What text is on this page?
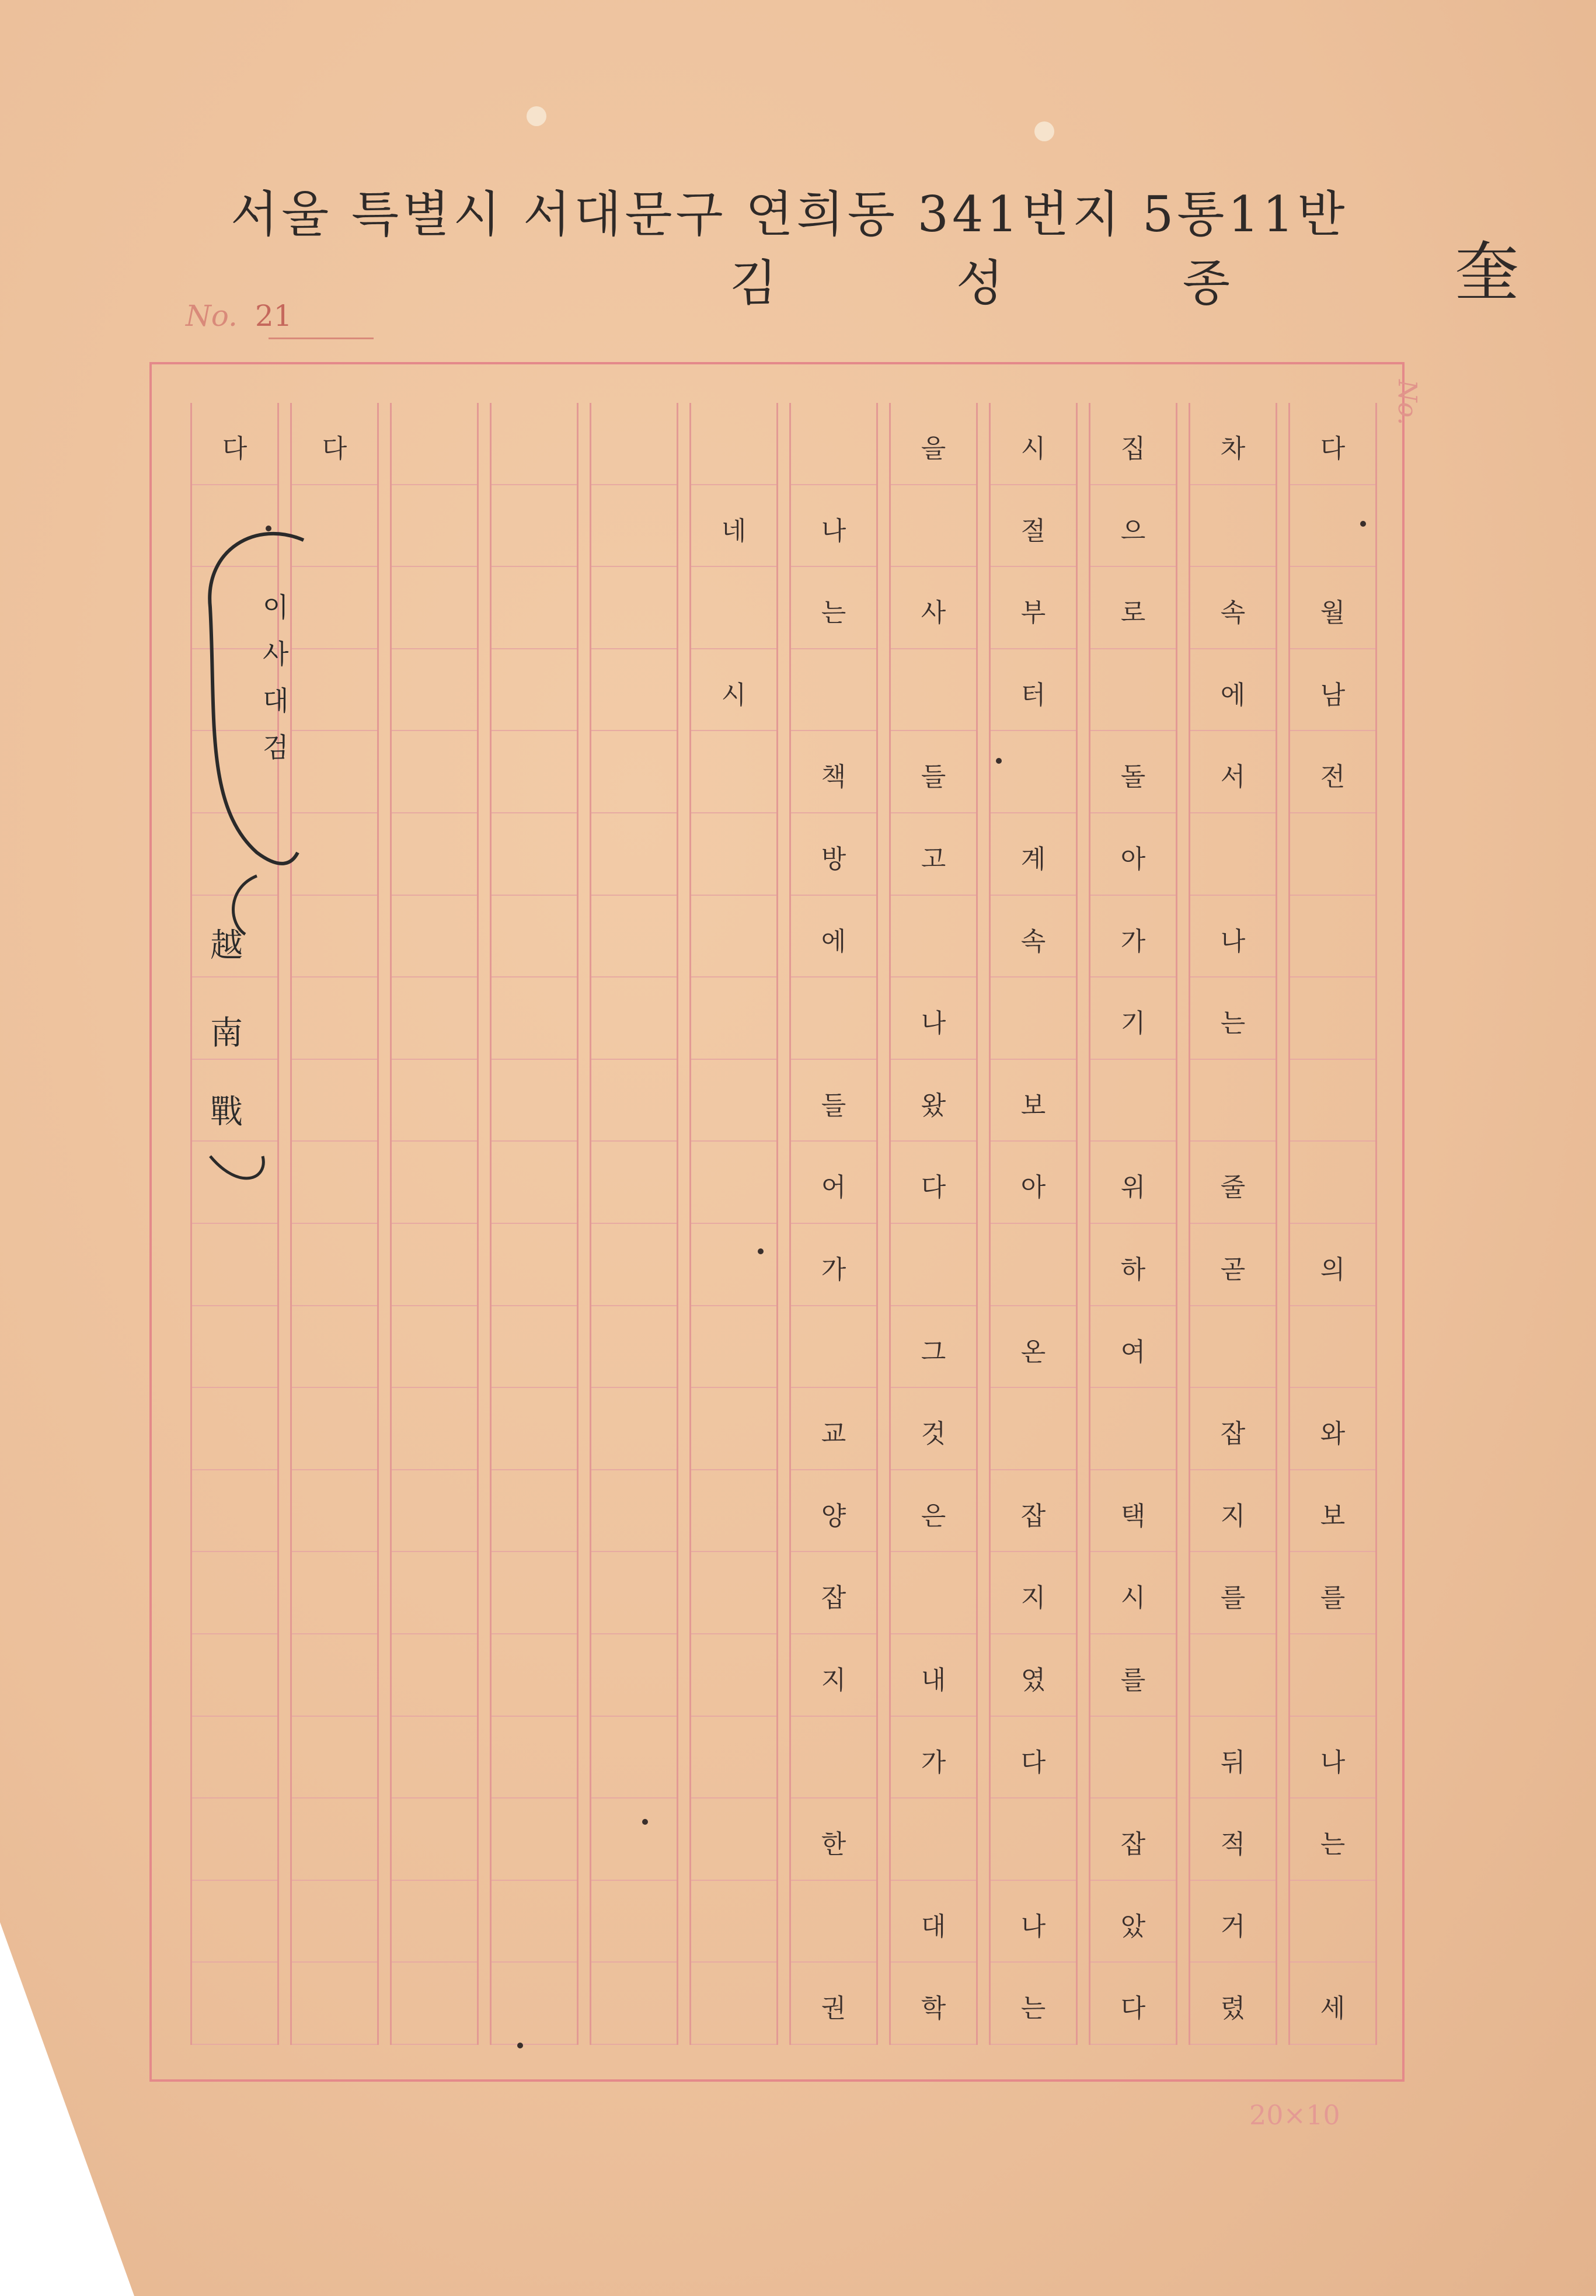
서울 특별시 서대문구 연희동 341번지 5통11반
김 성 종 奎
No. 21
No.
다	다
네
시
나
는
책
방
에
들
어
가
교
양
잡
지
한
권
을
사
들
고
나
왔
다
그
것
은
내
가
대
학
시
절
부
터
계
속
보
아
온
잡
지
였
다
나
는
집
으
로
돌
아
가
기
위
하
여
택
시
를
잡
았
다
차
속
에
서
나
는
줄
곧
잡
지
를
뒤
적
거
렸
다
월
남
전
의
와
보
를
나
는
세
이 사 대 검
越
南
戰
20×10
